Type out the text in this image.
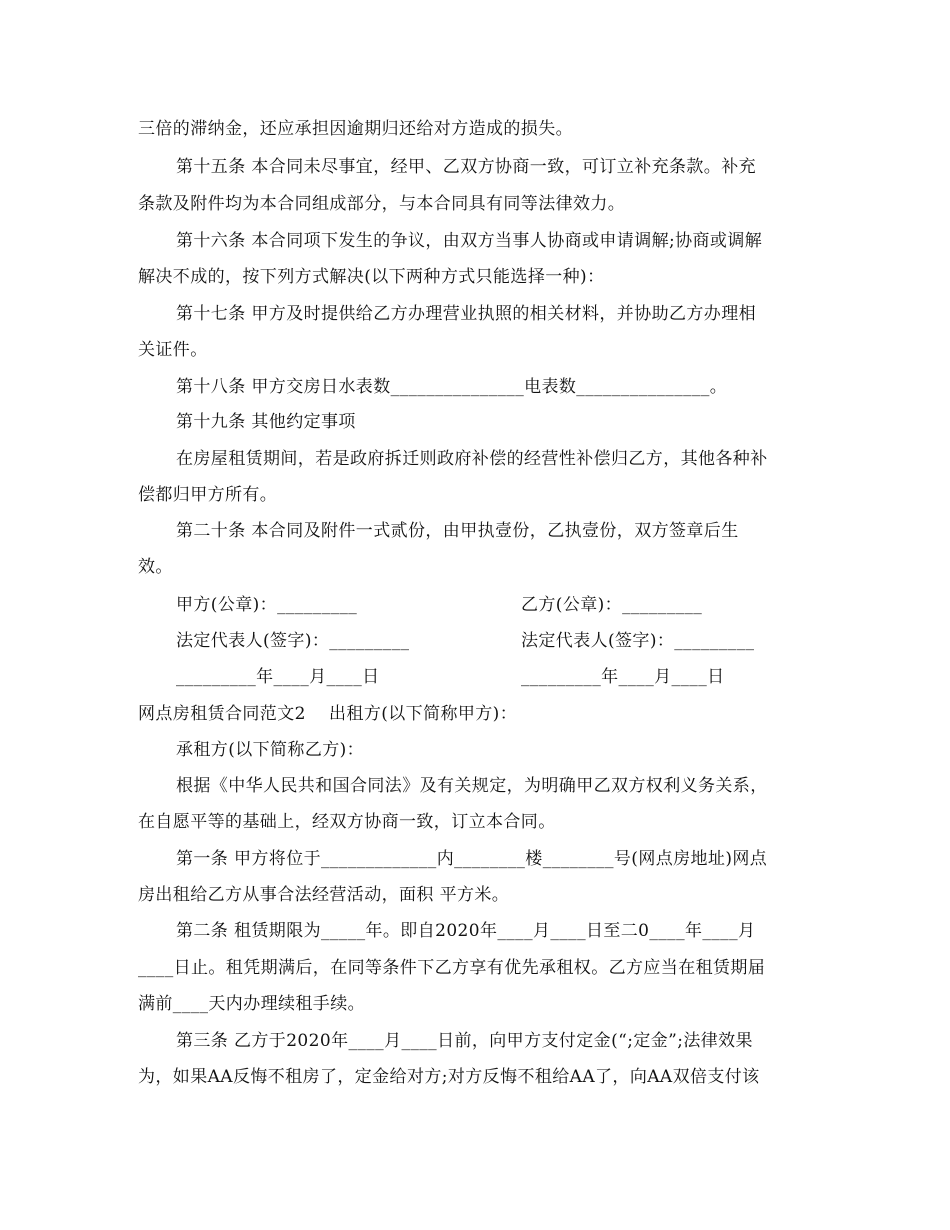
三倍的滞纳金，还应承担因逾期归还给对方造成的损失。
第十五条 本合同未尽事宜，经甲、乙双方协商一致，可订立补充条款。补充
条款及附件均为本合同组成部分，与本合同具有同等法律效力。
第十六条 本合同项下发生的争议，由双方当事人协商或申请调解;协商或调解
解决不成的，按下列方式解决(以下两种方式只能选择一种)：
第十七条 甲方及时提供给乙方办理营业执照的相关材料，并协助乙方办理相
关证件。
第十八条 甲方交房日水表数_______________电表数_______________。
第十九条 其他约定事项
在房屋租赁期间，若是政府拆迁则政府补偿的经营性补偿归乙方，其他各种补
偿都归甲方所有。
第二十条 本合同及附件一式贰份，由甲执壹份，乙执壹份，双方签章后生
效。
甲方(公章)：_________	乙方(公章)：_________
法定代表人(签字)：_________	法定代表人(签字)：_________
_________年____月____日	_________年____月____日
网点房租赁合同范文2    出租方(以下简称甲方)：
承租方(以下简称乙方)：
根据《中华人民共和国合同法》及有关规定，为明确甲乙双方权利义务关系，
在自愿平等的基础上，经双方协商一致，订立本合同。
第一条 甲方将位于_____________内________楼________号(网点房地址)网点
房出租给乙方从事合法经营活动，面积 平方米。
第二条 租赁期限为_____年。即自2020年____月____日至二0____年____月
____日止。租凭期满后，在同等条件下乙方享有优先承租权。乙方应当在租赁期届
满前____天内办理续租手续。
第三条 乙方于2020年____月____日前，向甲方支付定金(“;定金”;法律效果
为，如果AA反悔不租房了，定金给对方;对方反悔不租给AA了，向AA双倍支付该
